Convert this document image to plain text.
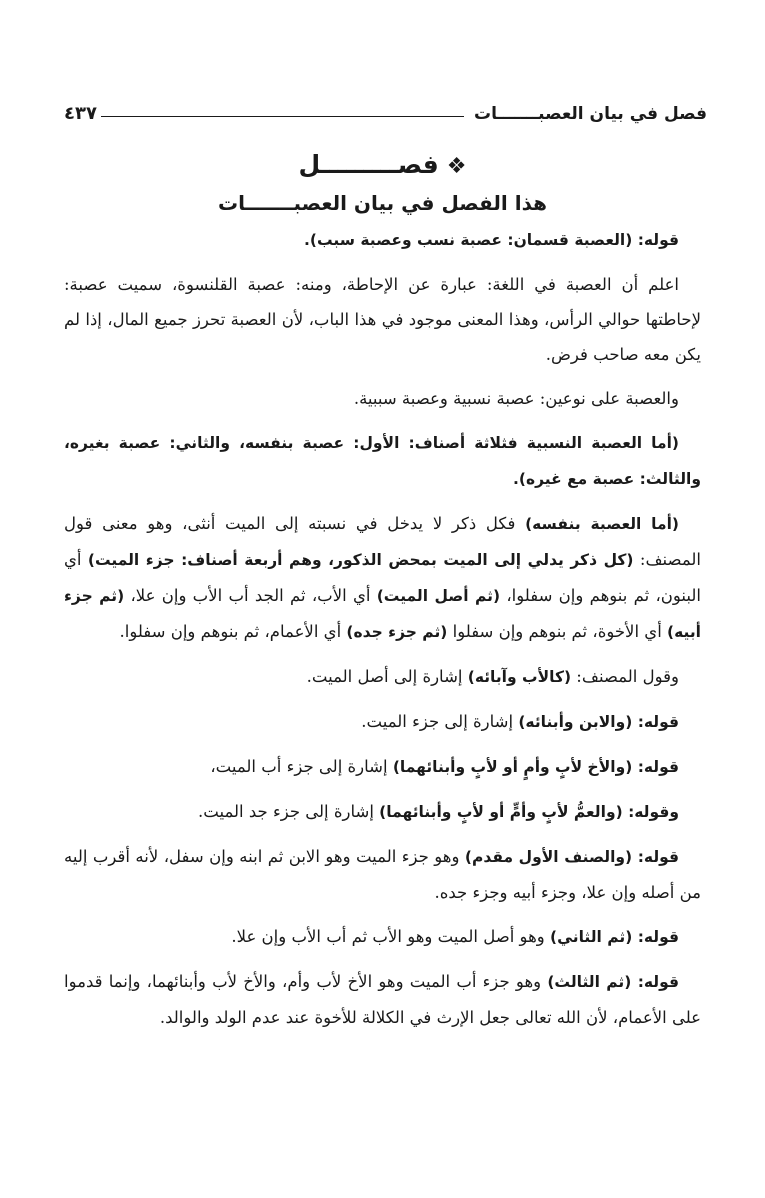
فصل في بيان العصبـــــــات
٤٣٧
❖فصـــــــــل
هذا الفصل في بيان العصبـــــــات

قوله: (العصبة قسمان: عصبة نسب وعصبة سبب).

اعلم أن العصبة في اللغة: عبارة عن الإحاطة، ومنه: عصبة القلنسوة، سميت عصبة: لإحاطتها حوالي الرأس، وهذا المعنى موجود في هذا الباب، لأن العصبة تحرز جميع المال، إذا لم يكن معه صاحب فرض.

والعصبة على نوعين: عصبة نسبية وعصبة سببية.

(أما العصبة النسبية فثلاثة أصناف: الأول: عصبة بنفسه، والثاني: عصبة بغيره، والثالث: عصبة مع غيره).

(أما العصبة بنفسه) فكل ذكر لا يدخل في نسبته إلى الميت أنثى، وهو معنى قول المصنف: (كل ذكر يدلي إلى الميت بمحض الذكور، وهم أربعة أصناف: جزء الميت) أي البنون، ثم بنوهم وإن سفلوا، (ثم أصل الميت) أي الأب، ثم الجد أب الأب وإن علا، (ثم جزء أبيه) أي الأخوة، ثم بنوهم وإن سفلوا (ثم جزء جده) أي الأعمام، ثم بنوهم وإن سفلوا.

وقول المصنف: (كالأب وآبائه) إشارة إلى أصل الميت.

قوله: (والابن وأبنائه) إشارة إلى جزء الميت.

قوله: (والأخ لأبٍ وأمٍ أو لأبٍ وأبنائهما) إشارة إلى جزء أب الميت،

وقوله: (والعمُّ لأبٍ وأمٍّ أو لأبٍ وأبنائهما) إشارة إلى جزء جد الميت.

قوله: (والصنف الأول مقدم) وهو جزء الميت وهو الابن ثم ابنه وإن سفل، لأنه أقرب إليه من أصله وإن علا، وجزء أبيه وجزء جده.

قوله: (ثم الثاني) وهو أصل الميت وهو الأب ثم أب الأب وإن علا.

قوله: (ثم الثالث) وهو جزء أب الميت وهو الأخ لأب وأم، والأخ لأب وأبنائهما، وإنما قدموا على الأعمام، لأن الله تعالى جعل الإرث في الكلالة للأخوة عند عدم الولد والوالد.
